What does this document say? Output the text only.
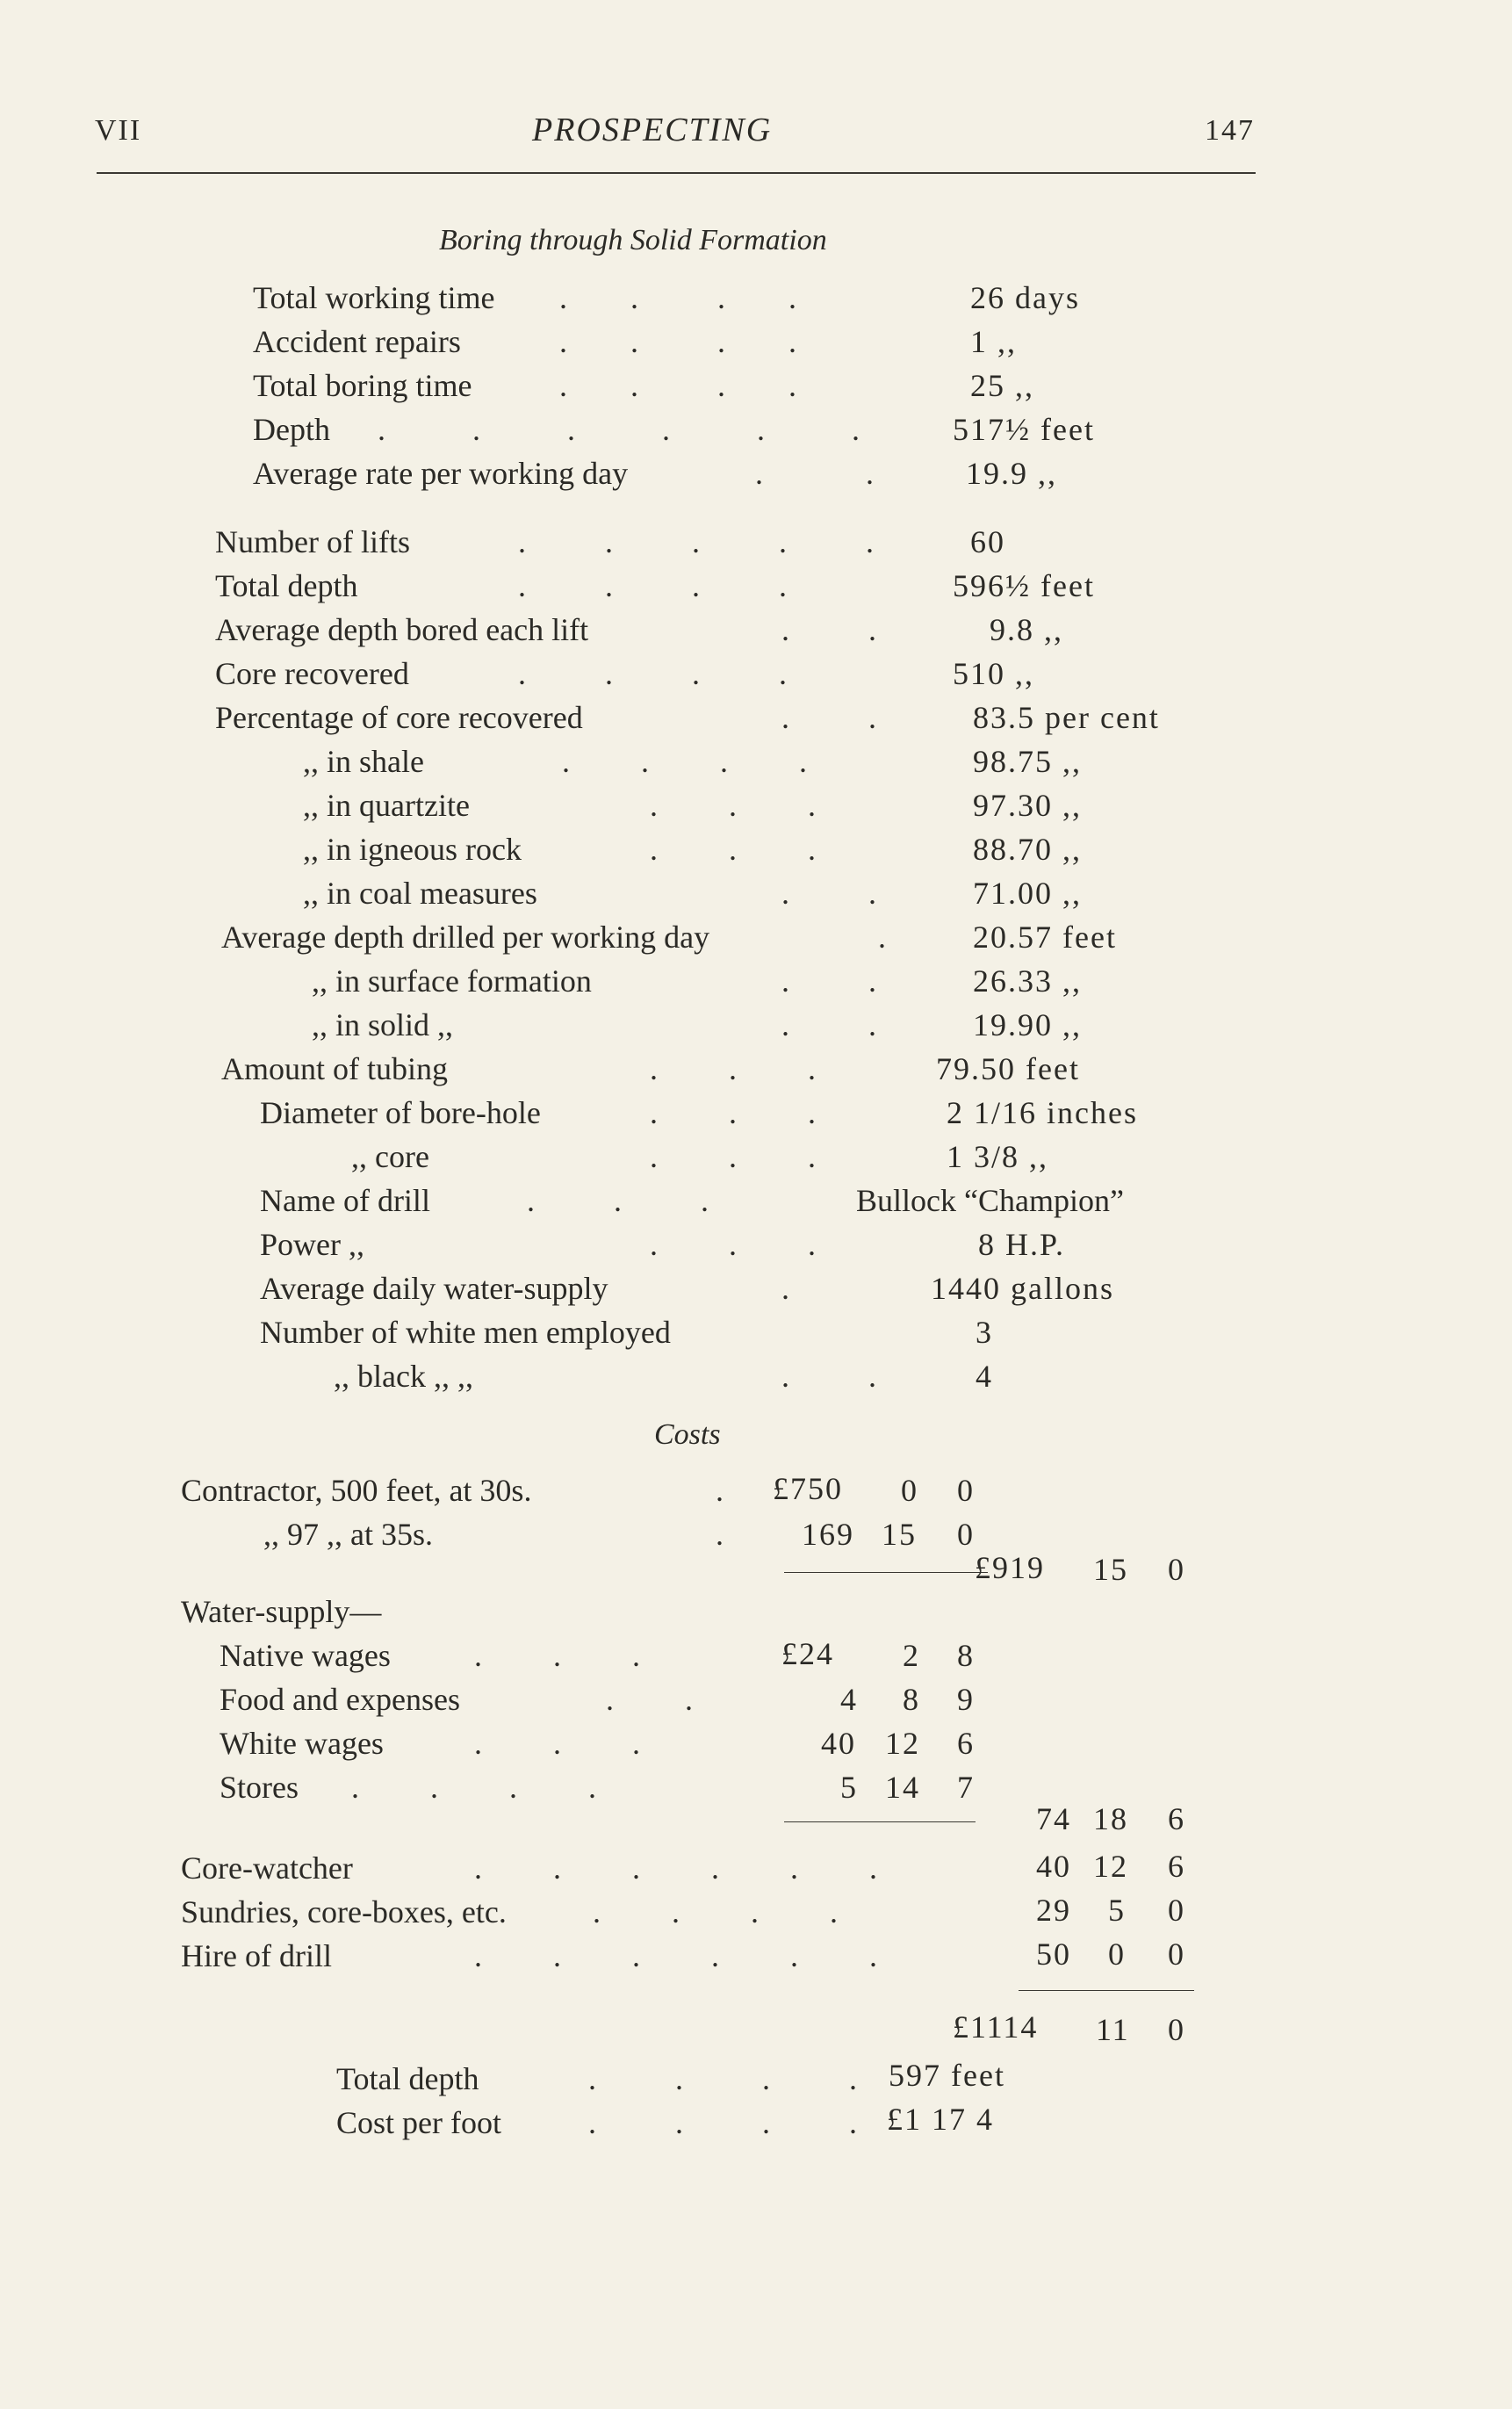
VII	PROSPECTING	147
Boring through Solid Formation
Total working time	26 days
Accident repairs	1 ,,
Total boring time	25 ,,
Depth	517½ feet
Average rate per working day	19.9 ,,
Number of lifts	60
Total depth	596½ feet
Average depth bored each lift	9.8 ,,
Core recovered	510 ,,
Percentage of core recovered	83.5 per cent
,, in shale	98.75 ,,
,, in quartzite	97.30 ,,
,, in igneous rock	88.70 ,,
,, in coal measures	71.00 ,,
Average depth drilled per working day	20.57 feet
,, in surface formation	26.33 ,,
,, in solid ,,	19.90 ,,
Amount of tubing	79.50 feet
Diameter of bore-hole	2 1/16 inches
,, core	1 3/8 ,,
Name of drill	Bullock “Champion”
Power ,,	8 H.P.
Average daily water-supply	1440 gallons
Number of white men employed	3
,, black ,, ,,	4
Costs
Contractor, 500 feet, at 30s.	£750 0 0
,, 97 ,, at 35s.	169 15 0
£919 15 0
Water-supply—
Native wages	£24 2 8
Food and expenses	4 8 9
White wages	40 12 6
Stores	5 14 7
74 18 6
Core-watcher	40 12 6
Sundries, core-boxes, etc.	29 5 0
Hire of drill	50 0 0
£1114 11 0
Total depth	597 feet
Cost per foot	£1 17 4
.        .          .        .
.        .          .        .
.        .          .        .
.           .           .           .           .           .
.             .
.          .          .          .          .
.          .          .          .
.          .
.          .          .          .
.          .
.         .         .         .
.         .         .
.         .         .
.          .
.
.          .
.          .
.         .         .
.         .         .
.         .         .
.          .          .
.         .         .
.
.          .
.
.
.         .         .
.         .
.         .         .
.         .         .         .
.         .         .         .         .         .
.         .         .         .
.         .         .         .         .         .
.          .          .          .
.          .          .          .
